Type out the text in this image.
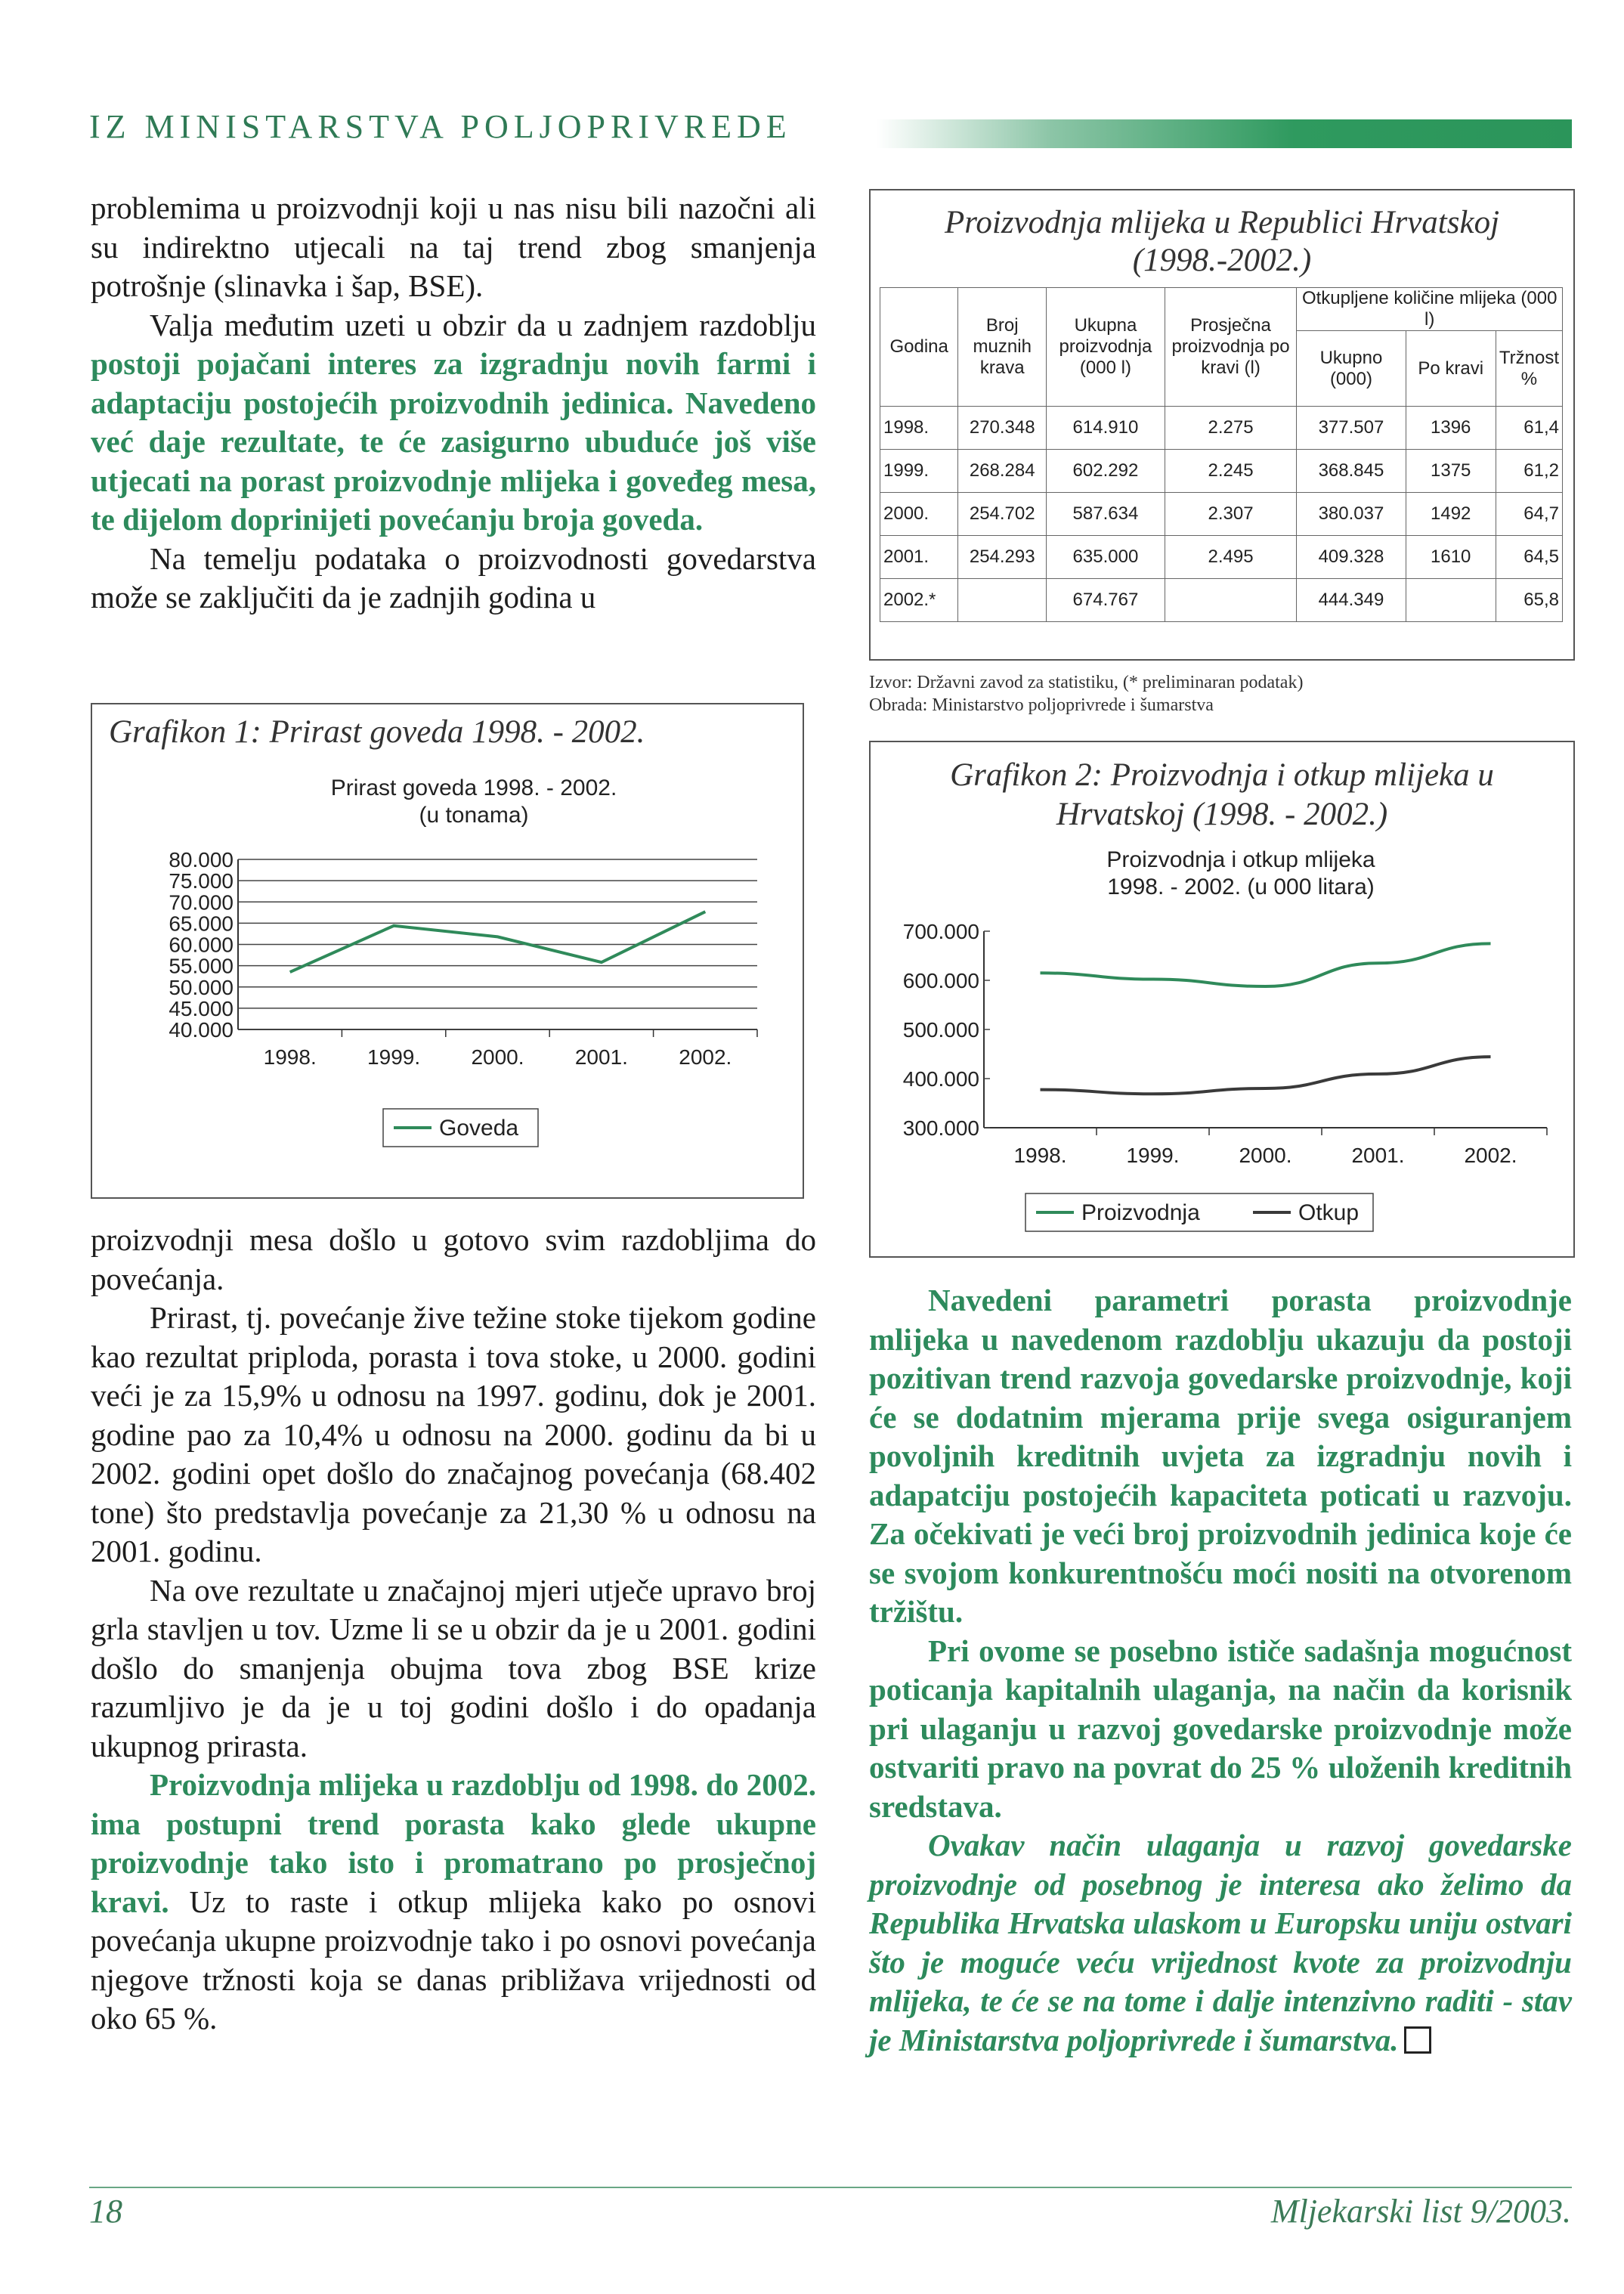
IZ MINISTARSTVA POLJOPRIVREDE

problemima u proizvodnji koji u nas nisu bili nazočni ali su indirektno utjecali na taj trend zbog smanjenja potrošnje (slinavka i šap, BSE).

Valja međutim uzeti u obzir da u zadnjem razdoblju postoji pojačani interes za izgradnju novih farmi i adaptaciju postojećih proizvodnih jedinica. Navedeno već daje rezultate, te će zasigurno ubuduće još više utjecati na porast proizvodnje mlijeka i goveđeg mesa, te dijelom doprinijeti povećanju broja goveda.

Na temelju podataka o proizvodnosti govedarstva može se zaključiti da je zadnjih godina u

Grafikon 1: Prirast goveda 1998. - 2002.
Prirast goveda 1998. - 2002.
(u tonama)
80.000
75.000
70.000
65.000
60.000
55.000
50.000
45.000
40.000
1998. 1999. 2000. 2001. 2002.
Goveda

proizvodnji mesa došlo u gotovo svim razdobljima do povećanja.

Prirast, tj. povećanje žive težine stoke tijekom godine kao rezultat priploda, porasta i tova stoke, u 2000. godini veći je za 15,9% u odnosu na 1997. godinu, dok je 2001. godine pao za 10,4% u odnosu na 2000. godinu da bi u 2002. godini opet došlo do značajnog povećanja (68.402 tone) što predstavlja povećanje za 21,30 % u odnosu na 2001. godinu.

Na ove rezultate u značajnoj mjeri utječe upravo broj grla stavljen u tov. Uzme li se u obzir da je u 2001. godini došlo do smanjenja obujma tova zbog BSE krize razumljivo je da je u toj godini došlo i do opadanja ukupnog prirasta.

Proizvodnja mlijeka u razdoblju od 1998. do 2002. ima postupni trend porasta kako glede ukupne proizvodnje tako isto i promatrano po prosječnoj kravi. Uz to raste i otkup mlijeka kako po osnovi povećanja ukupne proizvodnje tako i po osnovi povećanja njegove tržnosti koja se danas približava vrijednosti od oko 65 %.

Proizvodnja mlijeka u Republici Hrvatskoj
(1998.-2002.)
Godina	Broj muznih krava	Ukupna proizvodnja (000 l)	Prosječna proizvodnja po kravi (l)	Otkupljene količine mlijeka (000 l)		
				Ukupno (000)	Po kravi	Tržnost %
1998.	270.348	614.910	2.275	377.507	1396	61,4
1999.	268.284	602.292	2.245	368.845	1375	61,2
2000.	254.702	587.634	2.307	380.037	1492	64,7
2001.	254.293	635.000	2.495	409.328	1610	64,5
2002.*		674.767		444.349		65,8
Izvor: Državni zavod za statistiku, (* preliminaran podatak)
Obrada: Ministarstvo poljoprivrede i šumarstva
Grafikon 2: Proizvodnja i otkup mlijeka u
Hrvatskoj (1998. - 2002.)
Proizvodnja i otkup mlijeka
1998. - 2002. (u 000 litara)
700.000
600.000
500.000
400.000
300.000
1998.	1999.	2000.	2001.	2002.
Proizvodnja	Otkup

Navedeni parametri porasta proizvodnje mlijeka u navedenom razdoblju ukazuju da postoji pozitivan trend razvoja govedarske proizvodnje, koji će se dodatnim mjerama prije svega osiguranjem povoljnih kreditnih uvjeta za izgradnju novih i adapatciju postojećih kapaciteta poticati u razvoju. Za očekivati je veći broj proizvodnih jedinica koje će se svojom konkurentnošću moći nositi na otvorenom tržištu.

Pri ovome se posebno ističe sadašnja mogućnost poticanja kapitalnih ulaganja, na način da korisnik pri ulaganju u razvoj govedarske proizvodnje može ostvariti pravo na povrat do 25 % uloženih kreditnih sredstava.

Ovakav način ulaganja u razvoj govedarske proizvodnje od posebnog je interesa ako želimo da Republika Hrvatska ulaskom u Europsku uniju ostvari što je moguće veću vrijednost kvote za proizvodnju mlijeka, te će se na tome i dalje intenzivno raditi - stav je Ministarstva poljoprivrede i šumarstva.

18	Mljekarski list 9/2003.
